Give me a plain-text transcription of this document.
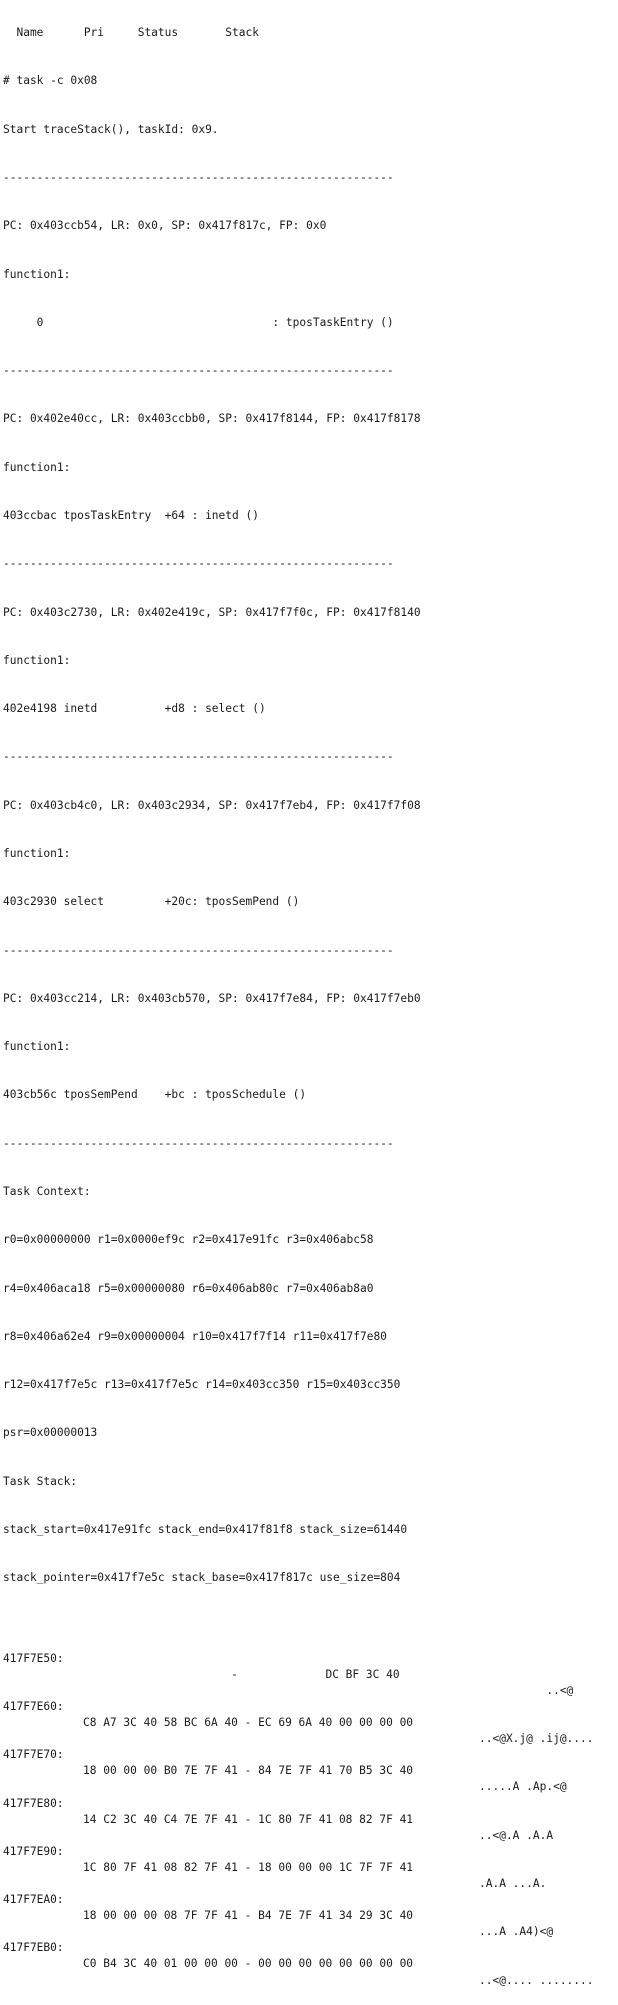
Name      Pri     Status       Stack

# task -c 0x08

Start traceStack(), taskId: 0x9.

----------------------------------------------------------

PC: 0x403ccb54, LR: 0x0, SP: 0x417f817c, FP: 0x0

function1:

0                                  : tposTaskEntry ()

----------------------------------------------------------

PC: 0x402e40cc, LR: 0x403ccbb0, SP: 0x417f8144, FP: 0x417f8178

function1:

403ccbac tposTaskEntry  +64 : inetd ()

----------------------------------------------------------

PC: 0x403c2730, LR: 0x402e419c, SP: 0x417f7f0c, FP: 0x417f8140

function1:

402e4198 inetd          +d8 : select ()

----------------------------------------------------------

PC: 0x403cb4c0, LR: 0x403c2934, SP: 0x417f7eb4, FP: 0x417f7f08

function1:

403c2930 select         +20c: tposSemPend ()

----------------------------------------------------------

PC: 0x403cc214, LR: 0x403cb570, SP: 0x417f7e84, FP: 0x417f7eb0

function1:

403cb56c tposSemPend    +bc : tposSchedule ()

----------------------------------------------------------

Task Context:

r0=0x00000000 r1=0x0000ef9c r2=0x417e91fc r3=0x406abc58

r4=0x406aca18 r5=0x00000080 r6=0x406ab80c r7=0x406ab8a0

r8=0x406a62e4 r9=0x00000004 r10=0x417f7f14 r11=0x417f7e80

r12=0x417f7e5c r13=0x417f7e5c r14=0x403cc350 r15=0x403cc350

psr=0x00000013

Task Stack:

stack_start=0x417e91fc stack_end=0x417f81f8 stack_size=61440

stack_pointer=0x417f7e5c stack_base=0x417f817c use_size=804

417F7E50:

-             DC BF 3C 40

..<@

417F7E60:

C8 A7 3C 40 58 BC 6A 40 - EC 69 6A 40 00 00 00 00

..<@X.j@ .ij@....

417F7E70:

18 00 00 00 B0 7E 7F 41 - 84 7E 7F 41 70 B5 3C 40

.....A .Ap.<@

417F7E80:

14 C2 3C 40 C4 7E 7F 41 - 1C 80 7F 41 08 82 7F 41

..<@.A .A.A

417F7E90:

1C 80 7F 41 08 82 7F 41 - 18 00 00 00 1C 7F 7F 41

.A.A ...A.

417F7EA0:

18 00 00 00 08 7F 7F 41 - B4 7E 7F 41 34 29 3C 40

...A .A4)<@

417F7EB0:

C0 B4 3C 40 01 00 00 00 - 00 00 00 00 00 00 00 00

..<@.... ........
